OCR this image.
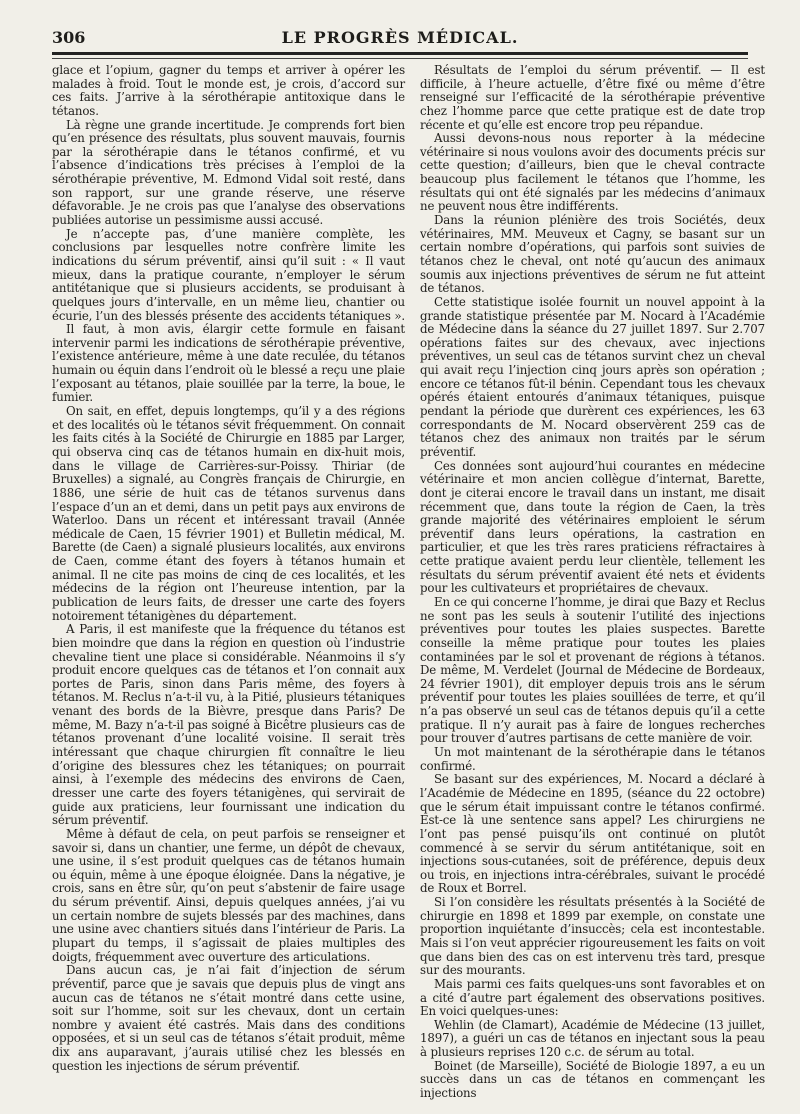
306	LE PROGRÈS MÉDICAL.

glace et l’opium, gagner du temps et arriver à opérer les malades à froid. Tout le monde est, je crois, d’accord sur ces faits. J’arrive à la sérothérapie antitoxique dans le tétanos.

Là règne une grande incertitude. Je comprends fort bien qu’en présence des résultats, plus souvent mauvais, fournis par la sérothérapie dans le tétanos confirmé, et vu l’absence d’indications très précises à l’emploi de la sérothérapie préventive, M. Edmond Vidal soit resté, dans son rapport, sur une grande réserve, une réserve défavorable. Je ne crois pas que l’analyse des observations publiées autorise un pessimisme aussi accusé.

Je n’accepte pas, d’une manière complète, les conclusions par lesquelles notre confrère limite les indications du sérum préventif, ainsi qu’il suit : « Il vaut mieux, dans la pratique courante, n’employer le sérum antitétanique que si plusieurs accidents, se produisant à quelques jours d’intervalle, en un même lieu, chantier ou écurie, l’un des blessés présente des accidents tétaniques ».

Il faut, à mon avis, élargir cette formule en faisant intervenir parmi les indications de sérothérapie préventive, l’existence antérieure, même à une date reculée, du tétanos humain ou équin dans l’endroit où le blessé a reçu une plaie l’exposant au tétanos, plaie souillée par la terre, la boue, le fumier.

On sait, en effet, depuis longtemps, qu’il y a des régions et des localités où le tétanos sévit fréquemment. On connait les faits cités à la Société de Chirurgie en 1885 par Larger, qui observa cinq cas de tétanos humain en dix-huit mois, dans le village de Carrières-sur-Poissy. Thiriar (de Bruxelles) a signalé, au Congrès français de Chirurgie, en 1886, une série de huit cas de tétanos survenus dans l’espace d’un an et demi, dans un petit pays aux environs de Waterloo. Dans un récent et intéressant travail (Année médicale de Caen, 15 février 1901) et Bulletin médical, M. Barette (de Caen) a signalé plusieurs localités, aux environs de Caen, comme étant des foyers à tétanos humain et animal. Il ne cite pas moins de cinq de ces localités, et les médecins de la région ont l’heureuse intention, par la publication de leurs faits, de dresser une carte des foyers notoirement tétanigènes du département.

A Paris, il est manifeste que la fréquence du tétanos est bien moindre que dans la région en question où l’industrie chevaline tient une place si considérable. Néanmoins il s’y produit encore quelques cas de tétanos et l’on connait aux portes de Paris, sinon dans Paris même, des foyers à tétanos. M. Reclus n’a-t-il vu, à la Pitié, plusieurs tétaniques venant des bords de la Bièvre, presque dans Paris? De même, M. Bazy n’a-t-il pas soigné à Bicêtre plusieurs cas de tétanos provenant d’une localité voisine. Il serait très intéressant que chaque chirurgien fît connaître le lieu d’origine des blessures chez les tétaniques; on pourrait ainsi, à l’exemple des médecins des environs de Caen, dresser une carte des foyers tétanigènes, qui servirait de guide aux praticiens, leur fournissant une indication du sérum préventif.

Même à défaut de cela, on peut parfois se renseigner et savoir si, dans un chantier, une ferme, un dépôt de chevaux, une usine, il s’est produit quelques cas de tétanos humain ou équin, même à une époque éloignée. Dans la négative, je crois, sans en être sûr, qu’on peut s’abstenir de faire usage du sérum préventif. Ainsi, depuis quelques années, j’ai vu un certain nombre de sujets blessés par des machines, dans une usine avec chantiers situés dans l’intérieur de Paris. La plupart du temps, il s’agissait de plaies multiples des doigts, fréquemment avec ouverture des articulations.

Dans aucun cas, je n’ai fait d’injection de sérum préventif, parce que je savais que depuis plus de vingt ans aucun cas de tétanos ne s’était montré dans cette usine, soit sur l’homme, soit sur les chevaux, dont un certain nombre y avaient été castrés. Mais dans des conditions opposées, et si un seul cas de tétanos s’était produit, même dix ans auparavant, j’aurais utilisé chez les blessés en question les injections de sérum préventif.

Résultats de l’emploi du sérum préventif. — Il est difficile, à l’heure actuelle, d’être fixé ou même d’être renseigné sur l’efficacité de la sérothérapie préventive chez l’homme parce que cette pratique est de date trop récente et qu’elle est encore trop peu répandue.

Aussi devons-nous nous reporter à la médecine vétérinaire si nous voulons avoir des documents précis sur cette question; d’ailleurs, bien que le cheval contracte beaucoup plus facilement le tétanos que l’homme, les résultats qui ont été signalés par les médecins d’animaux ne peuvent nous être indifférents.

Dans la réunion plénière des trois Sociétés, deux vétérinaires, MM. Meuveux et Cagny, se basant sur un certain nombre d’opérations, qui parfois sont suivies de tétanos chez le cheval, ont noté qu’aucun des animaux soumis aux injections préventives de sérum ne fut atteint de tétanos.

Cette statistique isolée fournit un nouvel appoint à la grande statistique présentée par M. Nocard à l’Académie de Médecine dans la séance du 27 juillet 1897. Sur 2.707 opérations faites sur des chevaux, avec injections préventives, un seul cas de tétanos survint chez un cheval qui avait reçu l’injection cinq jours après son opération ; encore ce tétanos fût-il bénin. Cependant tous les chevaux opérés étaient entourés d’animaux tétaniques, puisque pendant la période que durèrent ces expériences, les 63 correspondants de M. Nocard observèrent 259 cas de tétanos chez des animaux non traités par le sérum préventif.

Ces données sont aujourd’hui courantes en médecine vétérinaire et mon ancien collègue d’internat, Barette, dont je citerai encore le travail dans un instant, me disait récemment que, dans toute la région de Caen, la très grande majorité des vétérinaires emploient le sérum préventif dans leurs opérations, la castration en particulier, et que les très rares praticiens réfractaires à cette pratique avaient perdu leur clientèle, tellement les résultats du sérum préventif avaient été nets et évidents pour les cultivateurs et propriétaires de chevaux.

En ce qui concerne l’homme, je dirai que Bazy et Reclus ne sont pas les seuls à soutenir l’utilité des injections préventives pour toutes les plaies suspectes. Barette conseille la même pratique pour toutes les plaies contaminées par le sol et provenant de régions à tétanos. De même, M. Verdelet (Journal de Médecine de Bordeaux, 24 février 1901), dit employer depuis trois ans le sérum préventif pour toutes les plaies souillées de terre, et qu’il n’a pas observé un seul cas de tétanos depuis qu’il a cette pratique. Il n’y aurait pas à faire de longues recherches pour trouver d’autres partisans de cette manière de voir.

Un mot maintenant de la sérothérapie dans le tétanos confirmé.

Se basant sur des expériences, M. Nocard a déclaré à l’Académie de Médecine en 1895, (séance du 22 octobre) que le sérum était impuissant contre le tétanos confirmé. Est-ce là une sentence sans appel? Les chirurgiens ne l’ont pas pensé puisqu’ils ont continué on plutôt commencé à se servir du sérum antitétanique, soit en injections sous-cutanées, soit de préférence, depuis deux ou trois, en injections intra-cérébrales, suivant le procédé de Roux et Borrel.

Si l’on considère les résultats présentés à la Société de chirurgie en 1898 et 1899 par exemple, on constate une proportion inquiétante d’insuccès; cela est incontestable. Mais si l’on veut apprécier rigoureusement les faits on voit que dans bien des cas on est intervenu très tard, presque sur des mourants.

Mais parmi ces faits quelques-uns sont favorables et on a cité d’autre part également des observations positives. En voici quelques-unes:

Wehlin (de Clamart), Académie de Médecine (13 juillet, 1897), a guéri un cas de tétanos en injectant sous la peau à plusieurs reprises 120 c.c. de sérum au total.

Boinet (de Marseille), Société de Biologie 1897, a eu un succès dans un cas de tétanos en commençant les injections
